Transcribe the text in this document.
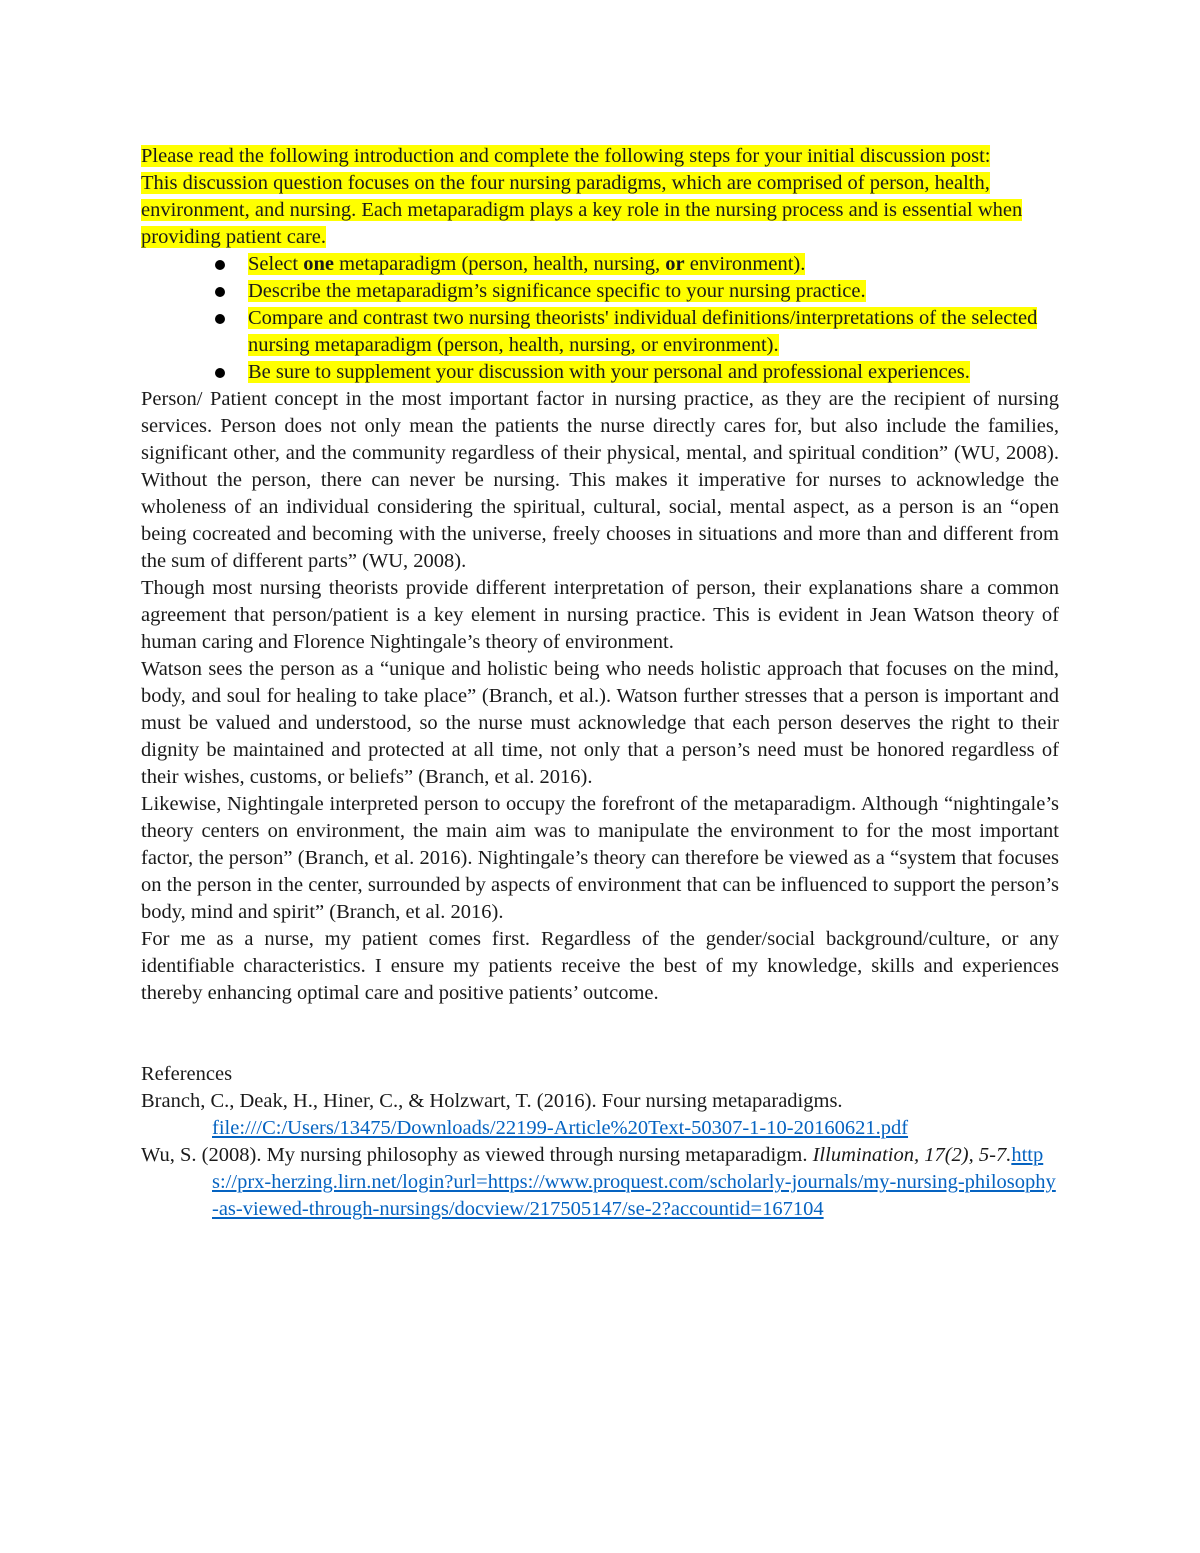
Please read the following introduction and complete the following steps for your initial discussion post:

This discussion question focuses on the four nursing paradigms, which are comprised of person, health, environment, and nursing. Each metaparadigm plays a key role in the nursing process and is essential when providing patient care.

Select one metaparadigm (person, health, nursing, or environment).
Describe the metaparadigm’s significance specific to your nursing practice.
Compare and contrast two nursing theorists' individual definitions/interpretations of the selected nursing metaparadigm (person, health, nursing, or environment).
Be sure to supplement your discussion with your personal and professional experiences.

Person/ Patient concept in the most important factor in nursing practice, as they are the recipient of nursing services. Person does not only mean the patients the nurse directly cares for, but also include the families, significant other, and the community regardless of their physical, mental, and spiritual condition” (WU, 2008). Without the person, there can never be nursing. This makes it imperative for nurses to acknowledge the wholeness of an individual considering the spiritual, cultural, social, mental aspect, as a person is an “open being cocreated and becoming with the universe, freely chooses in situations and more than and different from the sum of different parts” (WU, 2008).

Though most nursing theorists provide different interpretation of person, their explanations share a common agreement that person/patient is a key element in nursing practice. This is evident in Jean Watson theory of human caring and Florence Nightingale’s theory of environment.

Watson sees the person as a “unique and holistic being who needs holistic approach that focuses on the mind, body, and soul for healing to take place” (Branch, et al.). Watson further stresses that a person is important and must be valued and understood, so the nurse must acknowledge that each person deserves the right to their dignity be maintained and protected at all time, not only that a person’s need must be honored regardless of their wishes, customs, or beliefs” (Branch, et al. 2016).

Likewise, Nightingale interpreted person to occupy the forefront of the metaparadigm. Although “nightingale’s theory centers on environment, the main aim was to manipulate the environment to for the most important factor, the person” (Branch, et al. 2016). Nightingale’s theory can therefore be viewed as a “system that focuses on the person in the center, surrounded by aspects of environment that can be influenced to support the person’s body, mind and spirit” (Branch, et al. 2016).

For me as a nurse, my patient comes first. Regardless of the gender/social background/culture, or any identifiable characteristics. I ensure my patients receive the best of my knowledge, skills and experiences thereby enhancing optimal care and positive patients’ outcome.

References

Branch, C., Deak, H., Hiner, C., & Holzwart, T. (2016). Four nursing metaparadigms.
file:///C:/Users/13475/Downloads/22199-Article%20Text-50307-1-10-20160621.pdf

Wu, S. (2008). My nursing philosophy as viewed through nursing metaparadigm. Illumination, 17(2), 5-7.https://prx-herzing.lirn.net/login?url=https://www.proquest.com/scholarly-journals/my-nursing-philosophy-as-viewed-through-nursings/docview/217505147/se-2?accountid=167104
